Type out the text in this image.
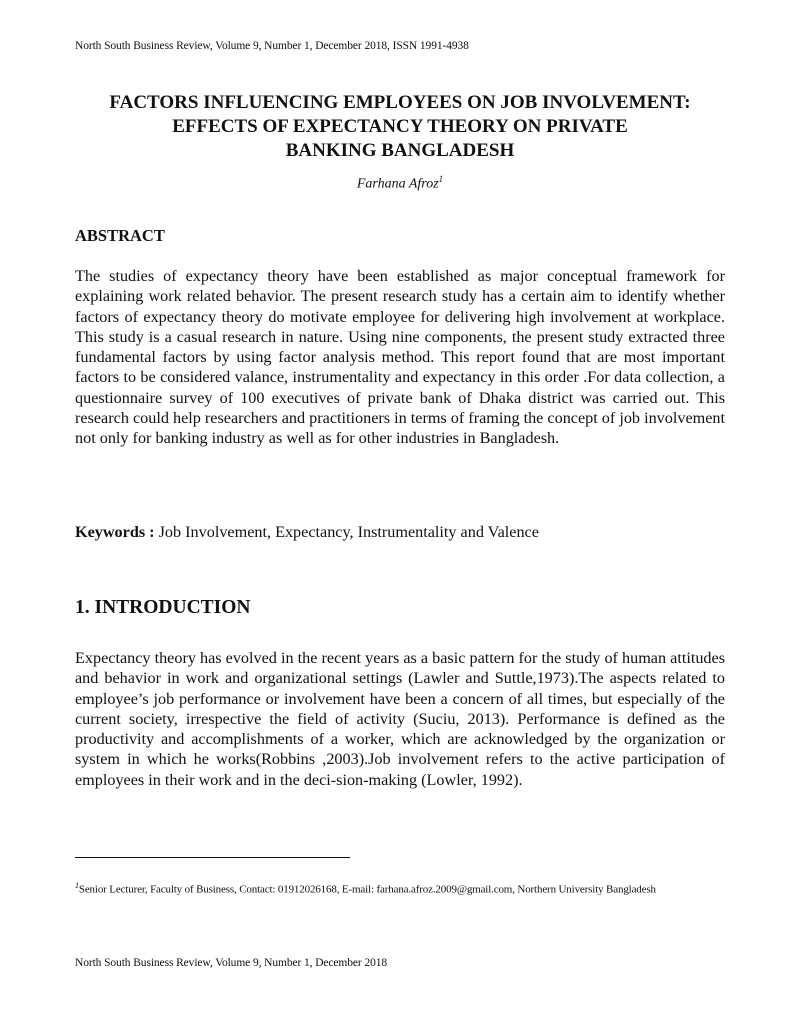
North South Business Review, Volume 9, Number 1, December 2018, ISSN 1991-4938
FACTORS INFLUENCING EMPLOYEES ON JOB INVOLVEMENT:
EFFECTS OF EXPECTANCY THEORY ON PRIVATE
BANKING BANGLADESH
Farhana Afroz$^1$
ABSTRACT

The studies of expectancy theory have been established as major conceptual framework for explaining work related behavior. The present research study has a certain aim to identify whether factors of expectancy theory do motivate employee for delivering high involvement at workplace. This study is a casual research in nature. Using nine components, the present study extracted three fundamental factors by using factor analysis method. This report found that are most important factors to be considered valance, instrumentality and expectancy in this order .For data collection, a questionnaire survey of 100 executives of private bank of Dhaka district was carried out. This research could help researchers and practitioners in terms of framing the concept of job involvement not only for banking industry as well as for other industries in Bangladesh.

Keywords : Job Involvement, Expectancy, Instrumentality and Valence
1. INTRODUCTION

Expectancy theory has evolved in the recent years as a basic pattern for the study of human attitudes and behavior in work and organizational settings (Lawler and Suttle,1973).The aspects related to employee’s job performance or involvement have been a concern of all times, but especially of the current society, irrespective the field of activity (Suciu, 2013). Performance is defined as the productivity and accomplishments of a worker, which are acknowledged by the organization or system in which he works(Robbins ,2003).Job involvement refers to the active participation of employees in their work and in the deci-sion-making (Lowler, 1992).

$^1$Senior Lecturer, Faculty of Business, Contact: 01912026168, E-mail: farhana.afroz.2009@gmail.com, Northern University Bangladesh
North South Business Review, Volume 9, Number 1, December 2018
